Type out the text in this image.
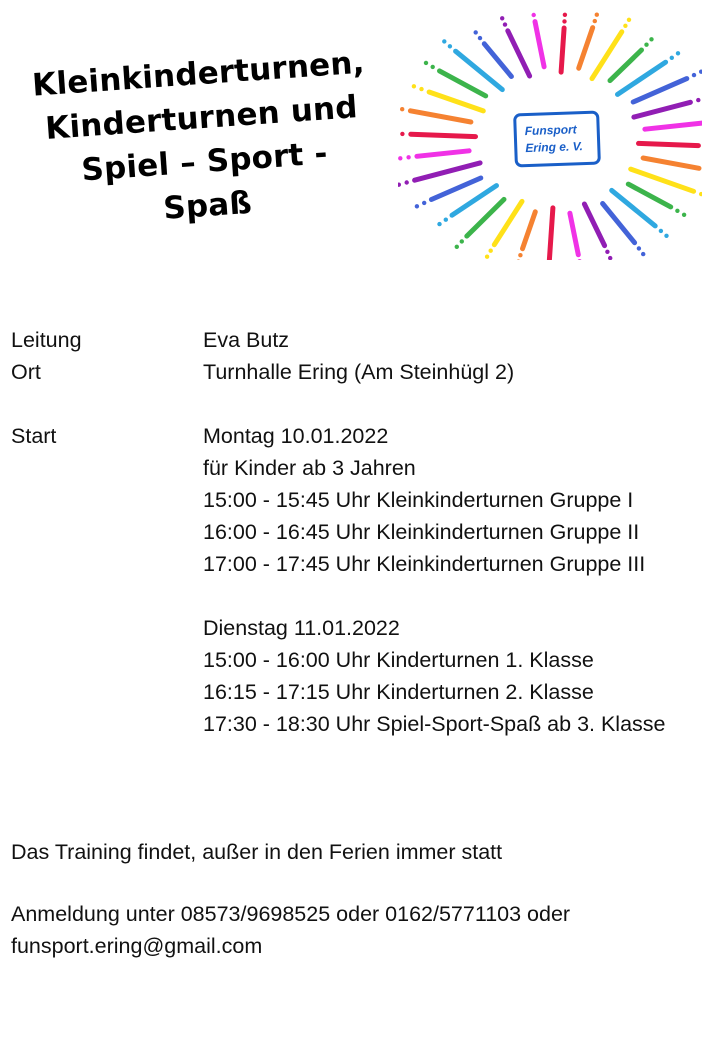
Kleinkinderturnen,
Kinderturnen und
Spiel – Sport -
Spaß
Funsport
Ering e. V.
Leitung	Eva Butz
Ort	Turnhalle Ering (Am Steinhügl 2)
Start	Montag 10.01.2022
für Kinder ab 3 Jahren
15:00 - 15:45 Uhr Kleinkinderturnen Gruppe I
16:00 - 16:45 Uhr Kleinkinderturnen Gruppe II
17:00 - 17:45 Uhr Kleinkinderturnen Gruppe III
Dienstag 11.01.2022
15:00 - 16:00 Uhr Kinderturnen 1. Klasse
16:15 - 17:15 Uhr Kinderturnen 2. Klasse
17:30 - 18:30 Uhr Spiel-Sport-Spaß ab 3. Klasse

Das Training findet, außer in den Ferien immer statt

Anmeldung unter 08573/9698525 oder 0162/5771103 oder

funsport.ering@gmail.com
